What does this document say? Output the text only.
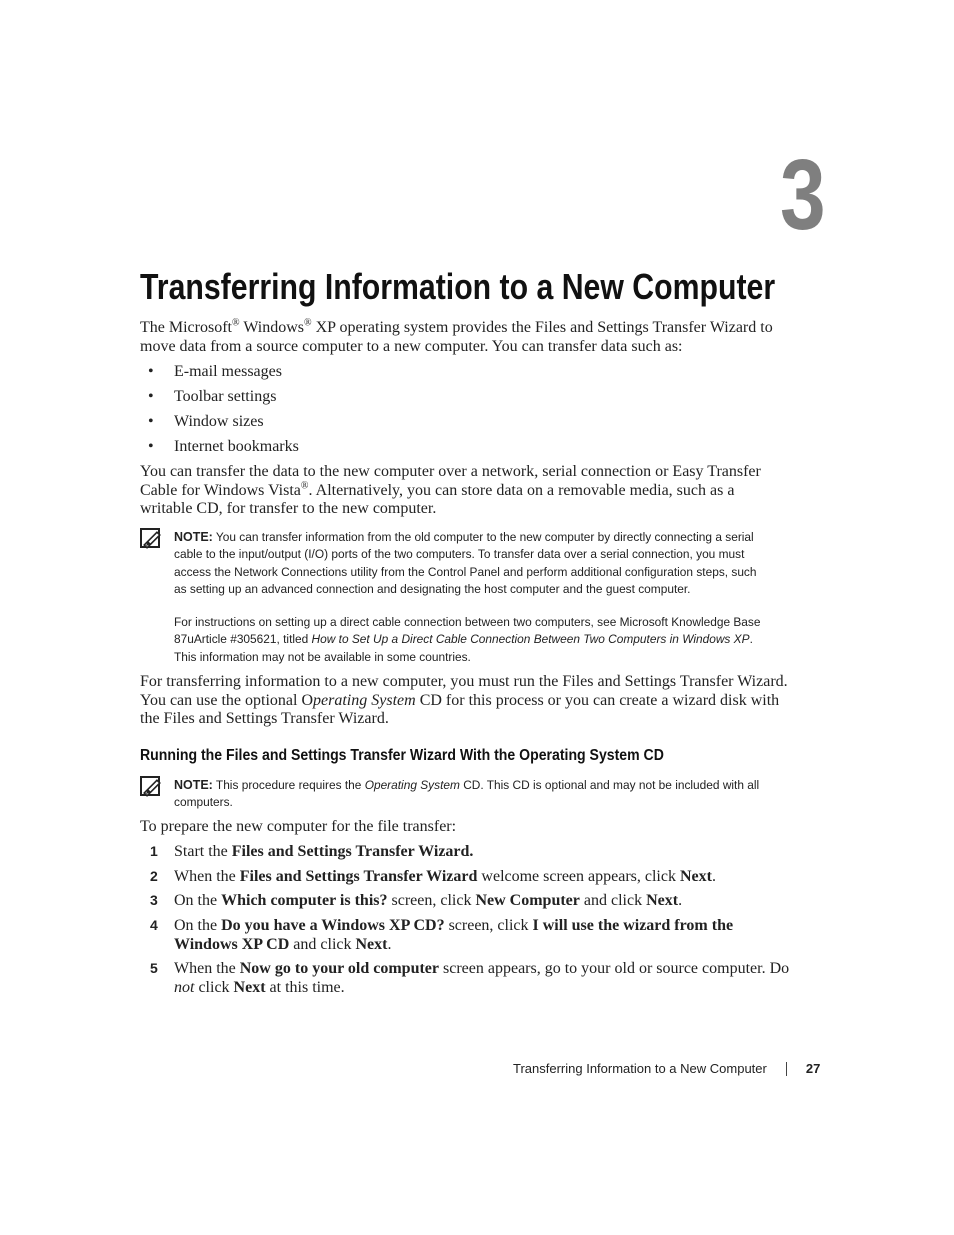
3
Transferring Information to a New Computer

The Microsoft® Windows® XP operating system provides the Files and Settings Transfer Wizard to move data from a source computer to a new computer. You can transfer data such as:

•	E-mail messages
•	Toolbar settings
•	Window sizes
•	Internet bookmarks

You can transfer the data to the new computer over a network, serial connection or Easy Transfer Cable for Windows Vista®. Alternatively, you can store data on a removable media, such as a writable CD, for transfer to the new computer.

NOTE: You can transfer information from the old computer to the new computer by directly connecting a serial cable to the input/output (I/O) ports of the two computers. To transfer data over a serial connection, you must access the Network Connections utility from the Control Panel and perform additional configuration steps, such as setting up an advanced connection and designating the host computer and the guest computer.

For instructions on setting up a direct cable connection between two computers, see Microsoft Knowledge Base 87uArticle #305621, titled How to Set Up a Direct Cable Connection Between Two Computers in Windows XP. This information may not be available in some countries.

For transferring information to a new computer, you must run the Files and Settings Transfer Wizard. You can use the optional Operating System CD for this process or you can create a wizard disk with the Files and Settings Transfer Wizard.

Running the Files and Settings Transfer Wizard With the Operating System CD

NOTE: This procedure requires the Operating System CD. This CD is optional and may not be included with all computers.

To prepare the new computer for the file transfer:

1	Start the Files and Settings Transfer Wizard.
2	When the Files and Settings Transfer Wizard welcome screen appears, click Next.
3	On the Which computer is this? screen, click New Computer and click Next.
4	On the Do you have a Windows XP CD? screen, click I will use the wizard from the Windows XP CD and click Next.
5	When the Now go to your old computer screen appears, go to your old or source computer. Do not click Next at this time.
Transferring Information to a New Computer	27
